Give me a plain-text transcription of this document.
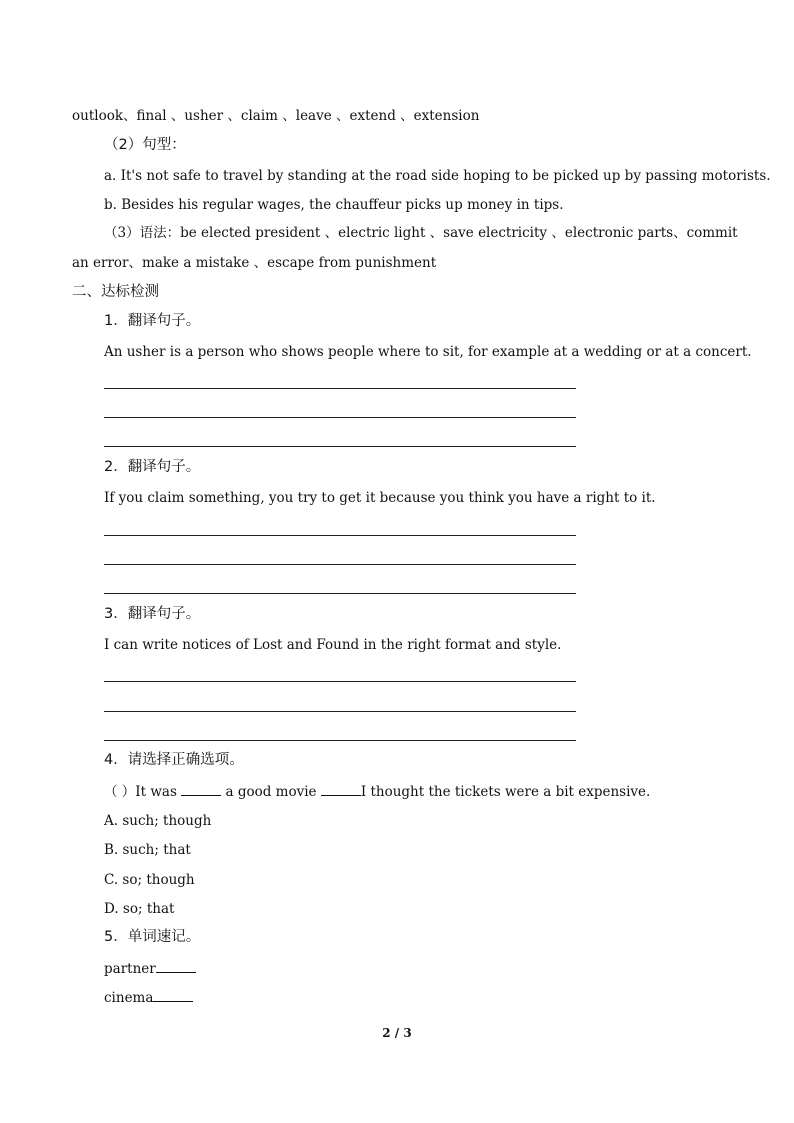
outlook、final 、usher 、claim 、leave 、extend 、extension
（2）句型：
a. It's not safe to travel by standing at the road side hoping to be picked up by passing motorists.
b. Besides his regular wages, the chauffeur picks up money in tips.
（3）语法：be elected president 、electric light 、save electricity 、electronic parts、commit
an error、make a mistake 、escape from punishment
二、达标检测
1．翻译句子。
An usher is a person who shows people where to sit, for example at a wedding or at a concert.
2．翻译句子。
If you claim something, you try to get it because you think you have a right to it.
3．翻译句子。
I can write notices of Lost and Found in the right format and style.
4．请选择正确选项。
（ ）It was	a good movie	I thought the tickets were a bit expensive.
A. such; though
B. such; that
C. so; though
D. so; that
5．单词速记。
partner
cinema
2 / 3
